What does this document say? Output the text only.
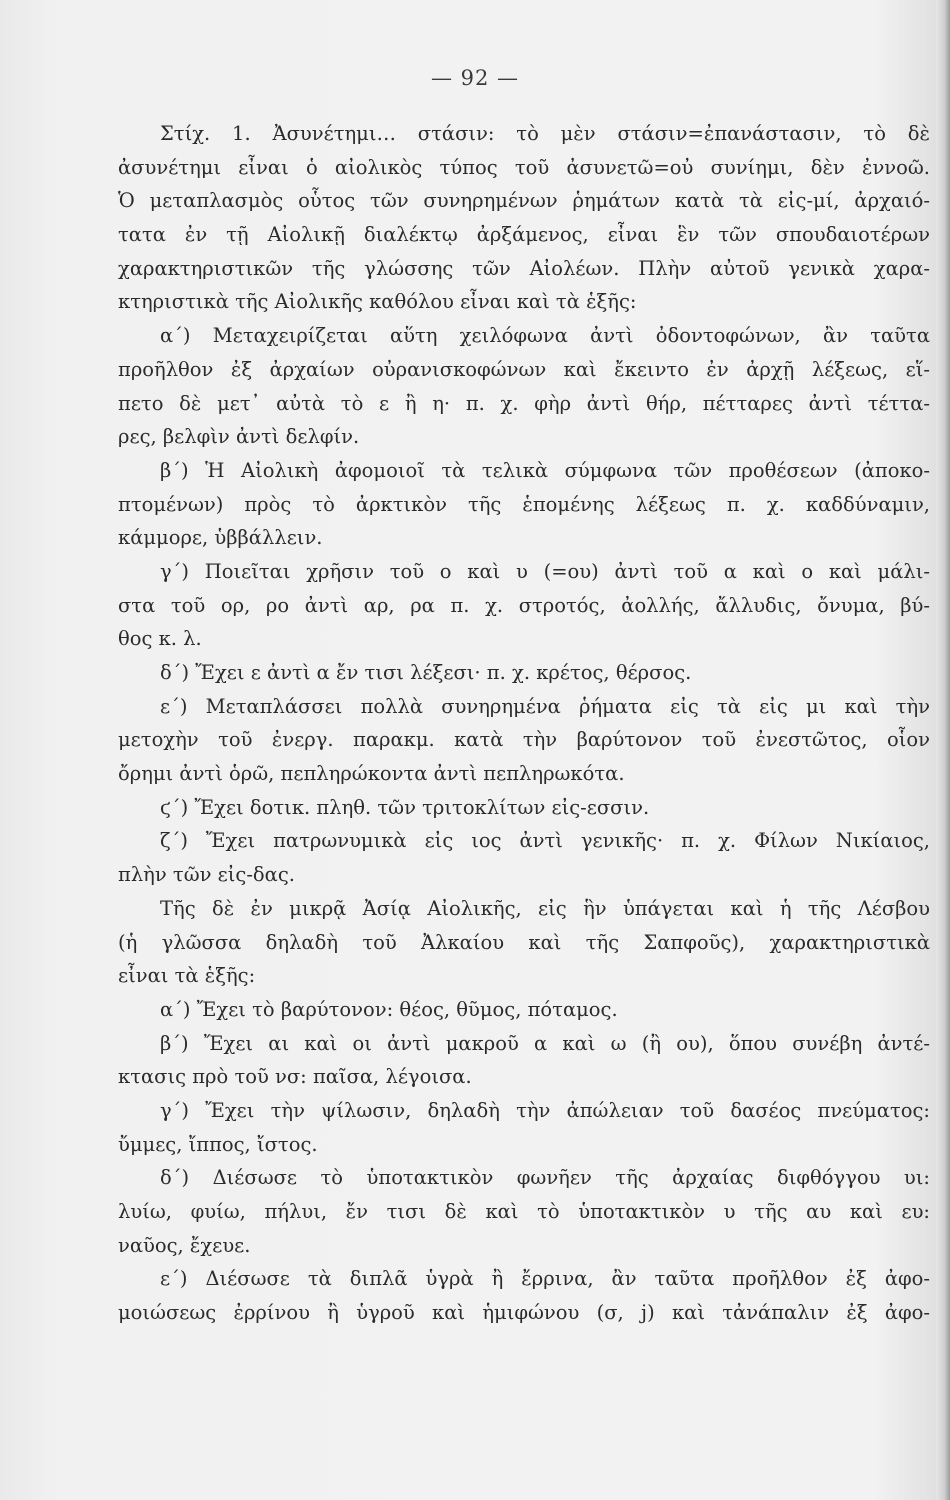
— 92 —
Στίχ. 1. Ἀσυνέτημι… στάσιν: τὸ μὲν στάσιν=ἐπανάστασιν, τὸ δὲ
ἀσυνέτημι εἶναι ὁ αἰολικὸς τύπος τοῦ ἀσυνετῶ=οὐ συνίημι, δὲν ἐννοῶ.
Ὁ μεταπλασμὸς οὗτος τῶν συνηρημένων ῥημάτων κατὰ τὰ εἰς-μί, ἀρχαιό-
τατα ἐν τῇ Αἰολικῇ διαλέκτῳ ἀρξάμενος, εἶναι ἓν τῶν σπουδαιοτέρων
χαρακτηριστικῶν τῆς γλώσσης τῶν Αἰολέων. Πλὴν αὐτοῦ γενικὰ χαρα-
κτηριστικὰ τῆς Αἰολικῆς καθόλου εἶναι καὶ τὰ ἑξῆς:
α΄) Μεταχειρίζεται αὕτη χειλόφωνα ἀντὶ ὀδοντοφώνων, ἂν ταῦτα
προῆλθον ἐξ ἀρχαίων οὐρανισκοφώνων καὶ ἔκειντο ἐν ἀρχῇ λέξεως, εἵ-
πετο δὲ μετ᾽ αὐτὰ τὸ ε ἢ η· π. χ. φὴρ ἀντὶ θήρ, πέτταρες ἀντὶ τέττα-
ρες, βελφὶν ἀντὶ δελφίν.
β΄) Ἡ Αἰολικὴ ἀφομοιοῖ τὰ τελικὰ σύμφωνα τῶν προθέσεων (ἀποκο-
πτομένων) πρὸς τὸ ἀρκτικὸν τῆς ἑπομένης λέξεως π. χ. καδδύναμιν,
κάμμορε, ὑββάλλειν.
γ΄) Ποιεῖται χρῆσιν τοῦ ο καὶ υ (=ου) ἀντὶ τοῦ α καὶ ο καὶ μάλι-
στα τοῦ ορ, ρο ἀντὶ αρ, ρα π. χ. στροτός, ἀολλής, ἄλλυδις, ὄνυμα, βύ-
θος κ. λ.
δ΄) Ἔχει ε ἀντὶ α ἔν τισι λέξεσι· π. χ. κρέτος, θέρσος.
ε΄) Μεταπλάσσει πολλὰ συνηρημένα ῥήματα εἰς τὰ εἰς μι καὶ τὴν
μετοχὴν τοῦ ἐνεργ. παρακμ. κατὰ τὴν βαρύτονον τοῦ ἐνεστῶτος, οἷον
ὄρημι ἀντὶ ὁρῶ, πεπληρώκοντα ἀντὶ πεπληρωκότα.
ϛ΄) Ἔχει δοτικ. πληθ. τῶν τριτοκλίτων εἰς-εσσιν.
ζ΄) Ἔχει πατρωνυμικὰ εἰς ιος ἀντὶ γενικῆς· π. χ. Φίλων Νικίαιος,
πλὴν τῶν εἰς-δας.
Τῆς δὲ ἐν μικρᾷ Ἀσίᾳ Αἰολικῆς, εἰς ἣν ὑπάγεται καὶ ἡ τῆς Λέσβου
(ἡ γλῶσσα δηλαδὴ τοῦ Ἀλκαίου καὶ τῆς Σαπφοῦς), χαρακτηριστικὰ
εἶναι τὰ ἑξῆς:
α΄) Ἔχει τὸ βαρύτονον: θέος, θῦμος, πόταμος.
β΄) Ἔχει αι καὶ οι ἀντὶ μακροῦ α καὶ ω (ἢ ου), ὅπου συνέβη ἀντέ-
κτασις πρὸ τοῦ νσ: παῖσα, λέγοισα.
γ΄) Ἔχει τὴν ψίλωσιν, δηλαδὴ τὴν ἀπώλειαν τοῦ δασέος πνεύματος:
ὔμμες, ἴππος, ἴστος.
δ΄) Διέσωσε τὸ ὑποτακτικὸν φωνῆεν τῆς ἀρχαίας διφθόγγου υι:
λυίω, φυίω, πήλυι, ἔν τισι δὲ καὶ τὸ ὑποτακτικὸν υ τῆς αυ καὶ ευ:
ναῦος, ἔχευε.
ε΄) Διέσωσε τὰ διπλᾶ ὑγρὰ ἢ ἔρρινα, ἂν ταῦτα προῆλθον ἐξ ἀφο-
μοιώσεως ἐρρίνου ἢ ὑγροῦ καὶ ἡμιφώνου (σ, j) καὶ τἀνάπαλιν ἐξ ἀφο-
